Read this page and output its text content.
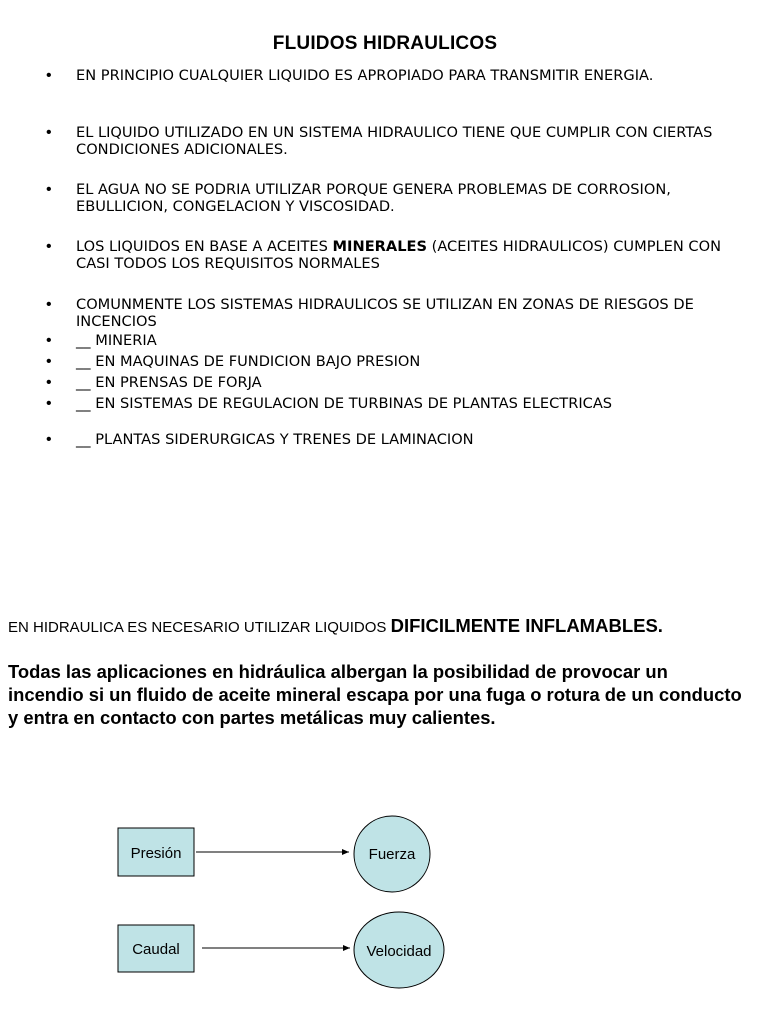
FLUIDOS HIDRAULICOS
• EN PRINCIPIO CUALQUIER LIQUIDO ES APROPIADO PARA TRANSMITIR ENERGIA.
• EL LIQUIDO UTILIZADO EN UN SISTEMA HIDRAULICO TIENE QUE CUMPLIR CON CIERTAS CONDICIONES ADICIONALES.
• EL AGUA NO SE PODRIA UTILIZAR PORQUE GENERA PROBLEMAS DE CORROSION, EBULLICION, CONGELACION Y VISCOSIDAD.
• LOS LIQUIDOS EN BASE A ACEITES MINERALES (ACEITES HIDRAULICOS) CUMPLEN CON CASI TODOS LOS REQUISITOS NORMALES
• COMUNMENTE LOS SISTEMAS HIDRAULICOS SE UTILIZAN EN ZONAS DE RIESGOS DE INCENCIOS
• __ MINERIA
• __ EN MAQUINAS DE FUNDICION BAJO PRESION
• __ EN PRENSAS DE FORJA
• __ EN SISTEMAS DE REGULACION DE TURBINAS DE PLANTAS ELECTRICAS
• __ PLANTAS SIDERURGICAS Y TRENES DE LAMINACION
EN HIDRAULICA ES NECESARIO UTILIZAR LIQUIDOS DIFICILMENTE INFLAMABLES.
Todas las aplicaciones en hidráulica albergan la posibilidad de provocar un incendio si un fluido de aceite mineral escapa por una fuga o rotura de un conducto y entra en contacto con partes metálicas muy calientes.
Presión	Fuerza
Caudal	Velocidad
